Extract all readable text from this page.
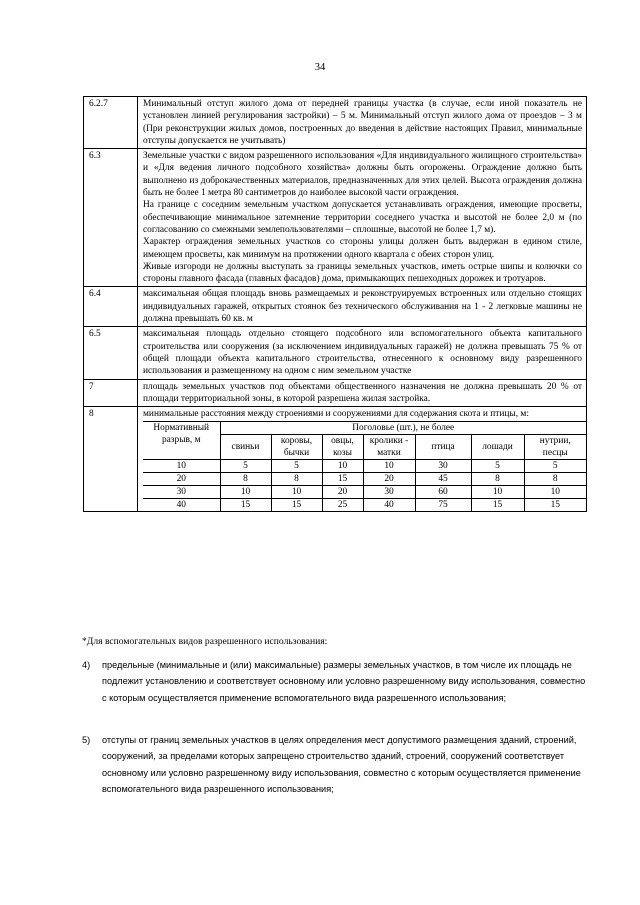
34
6.2.7	Минимальный отступ жилого дома от передней границы участка (в случае, если иной показатель не установлен линией регулирования застройки) – 5 м. Минимальный отступ жилого дома от проездов – 3 м (При реконструкции жилых домов, построенных до введения в действие настоящих Правил, минимальные отступы допускается не учитывать)

6.3	Земельные участки с видом разрешенного использования «Для индивидуального жилищного строительства» и «Для ведения личного подсобного хозяйства» должны быть огорожены. Ограждение должно быть выполнено из доброкачественных материалов, предназначенных для этих целей. Высота ограждения должна быть не более 1 метра 80 сантиметров до наиболее высокой части ограждения.

На границе с соседним земельным участком допускается устанавливать ограждения, имеющие просветы, обеспечивающие минимальное затемнение территории соседнего участка и высотой не более 2,0 м (по согласованию со смежными землепользователями – сплошные, высотой не более 1,7 м).

Характер ограждения земельных участков со стороны улицы должен быть выдержан в едином стиле, имеющем просветы, как минимум на протяжении одного квартала с обеих сторон улиц.

Живые изгороди не должны выступать за границы земельных участков, иметь острые шипы и колючки со стороны главного фасада (главных фасадов) дома, примыкающих пешеходных дорожек и тротуаров.

6.4	максимальная общая площадь вновь размещаемых и реконструируемых встроенных или отдельно стоящих индивидуальных гаражей, открытых стоянок без технического обслуживания на 1 - 2 легковые машины не должна превышать 60 кв. м

6.5	максимальная площадь отдельно стоящего подсобного или вспомогательного объекта капитального строительства или сооружения (за исключением индивидуальных гаражей) не должна превышать 75 % от общей площади объекта капитального строительства, отнесенного к основному виду разрешенного использования и размещенному на одном с ним земельном участке

7	площадь земельных участков под объектами общественного назначения не должна превышать 20 % от площади территориальной зоны, в которой разрешена жилая застройка.

8	минимальные расстояния между строениями и сооружениями для содержания скота и птицы, м:

Нормативный разрыв, м	Поголовье (шт.), не более
свиньи	коровы, бычки	овцы, козы	кролики - матки	птица	лошади	нутрии, песцы
10	5	5	10	10	30	5	5
20	8	8	15	20	45	8	8
30	10	10	20	30	60	10	10
40	15	15	25	40	75	15	15
*Для вспомогательных видов разрешенного использования:
4) предельные (минимальные и (или) максимальные) размеры земельных участков, в том числе их площадь не подлежит установлению и соответствует основному или условно разрешенному виду использования, совместно с которым осуществляется применение вспомогательного вида разрешенного использования;
5) отступы от границ земельных участков в целях определения мест допустимого размещения зданий, строений, сооружений, за пределами которых запрещено строительство зданий, строений, сооружений соответствует основному или условно разрешенному виду использования, совместно с которым осуществляется применение вспомогательного вида разрешенного использования;
